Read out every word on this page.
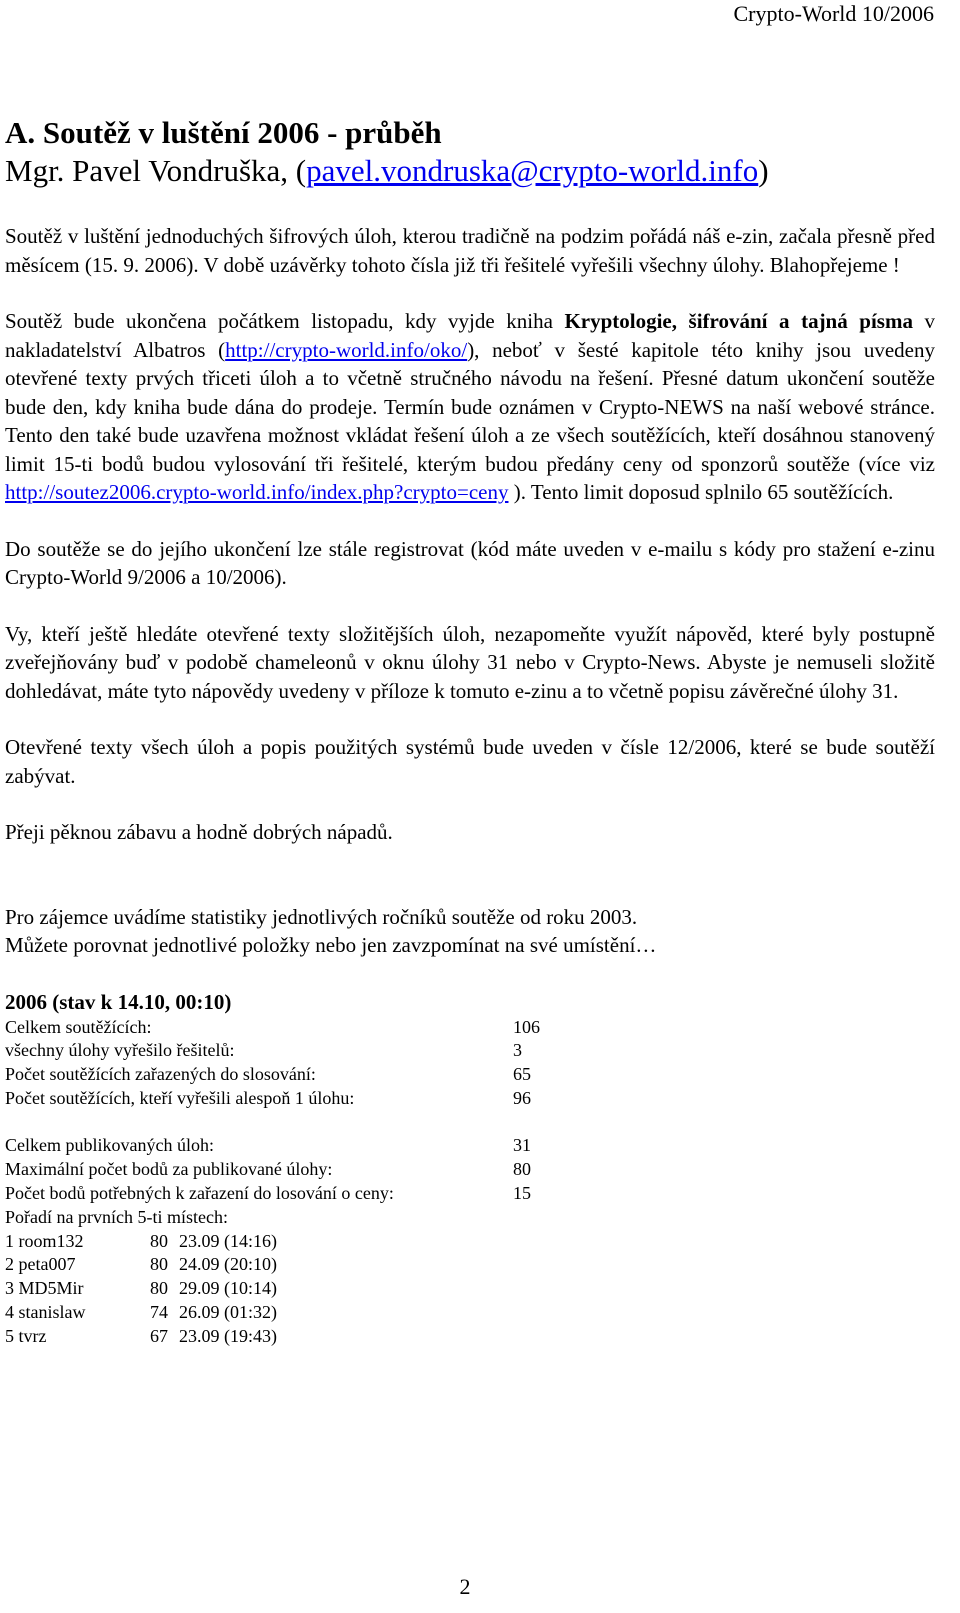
Crypto-World 10/2006
A. Soutěž v luštění 2006 - průběh
Mgr. Pavel Vondruška, (pavel.vondruska@crypto-world.info)

Soutěž v luštění jednoduchých šifrových úloh, kterou tradičně na podzim pořádá náš e-zin, začala přesně před měsícem (15. 9. 2006). V době uzávěrky tohoto čísla již tři řešitelé vyřešili všechny úlohy. Blahopřejeme !

Soutěž bude ukončena počátkem listopadu, kdy vyjde kniha Kryptologie, šifrování a tajná písma v nakladatelství Albatros (http://crypto-world.info/oko/), neboť v šesté kapitole této knihy jsou uvedeny otevřené texty prvých třiceti úloh a to včetně stručného návodu na řešení. Přesné datum ukončení soutěže bude den, kdy kniha bude dána do prodeje. Termín bude oznámen v Crypto-NEWS na naší webové stránce. Tento den také bude uzavřena možnost vkládat řešení úloh a ze všech soutěžících, kteří dosáhnou stanovený limit 15-ti bodů budou vylosování tři řešitelé, kterým budou předány ceny od sponzorů soutěže (více viz http://soutez2006.crypto-world.info/index.php?crypto=ceny ). Tento limit doposud splnilo 65 soutěžících.

Do soutěže se do jejího ukončení lze stále registrovat (kód máte uveden v e-mailu s kódy pro stažení e-zinu Crypto-World 9/2006 a 10/2006).

Vy, kteří ještě hledáte otevřené texty složitějších úloh, nezapomeňte využít nápověd, které byly postupně zveřejňovány buď v podobě chameleonů v oknu úlohy 31 nebo v Crypto-News. Abyste je nemuseli složitě dohledávat, máte tyto nápovědy uvedeny v příloze k tomuto e-zinu a to včetně popisu závěrečné úlohy 31.

Otevřené texty všech úloh a popis použitých systémů bude uveden v čísle 12/2006, které se bude soutěží zabývat.

Přeji pěknou zábavu a hodně dobrých nápadů.

Pro zájemce uvádíme statistiky jednotlivých ročníků soutěže od roku 2003.

Můžete porovnat jednotlivé položky nebo jen zavzpomínat na své umístění…

2006 (stav k 14.10, 00:10)
Celkem soutěžících:	106
všechny úlohy vyřešilo řešitelů:	3
Počet soutěžících zařazených do slosování:	65
Počet soutěžících, kteří vyřešili alespoň 1 úlohu:	96
Celkem publikovaných úloh:	31
Maximální počet bodů za publikované úlohy:	80
Počet bodů potřebných k zařazení do losování o ceny:	15
Pořadí na prvních 5-ti místech:
1 room132	80 23.09 (14:16)
2 peta007	80 24.09 (20:10)
3 MD5Mir	80 29.09 (10:14)
4 stanislaw	74 26.09 (01:32)
5 tvrz	67 23.09 (19:43)
2
